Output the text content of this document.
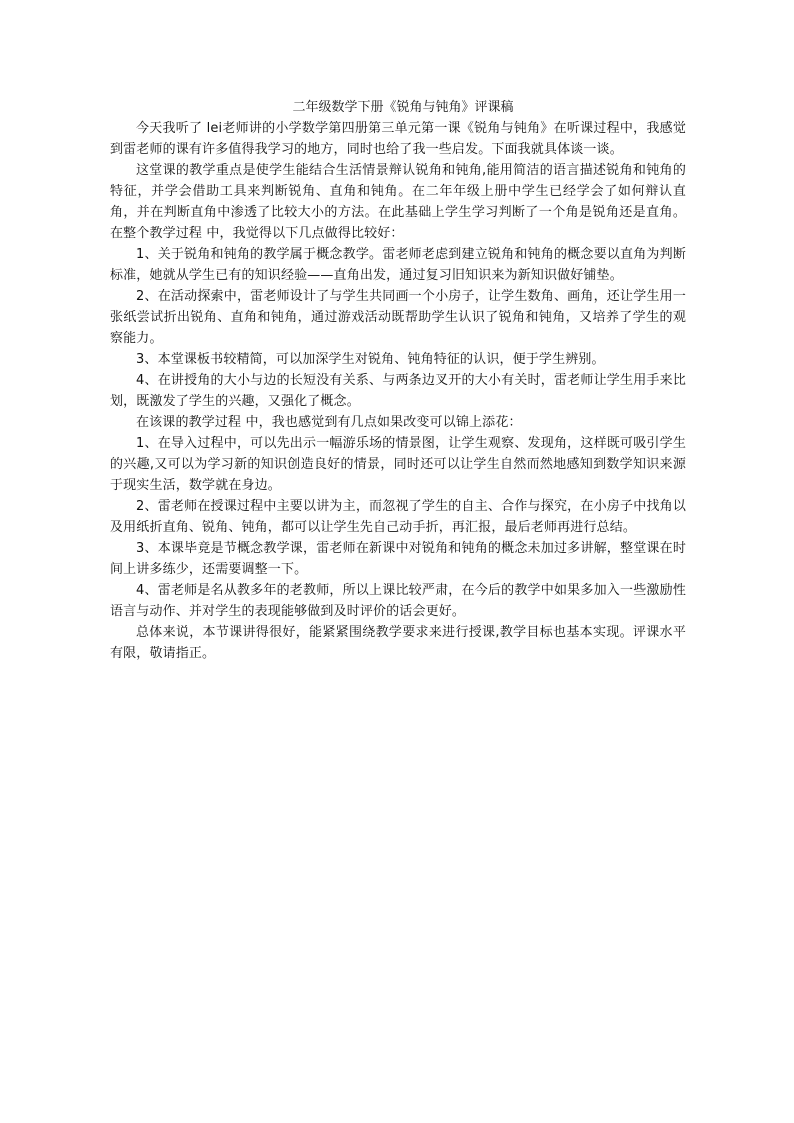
二年级数学下册《锐角与钝角》评课稿

今天我听了 lei老师讲的小学数学第四册第三单元第一课《锐角与钝角》在听课过程中，我感觉到雷老师的课有许多值得我学习的地方，同时也给了我一些启发。下面我就具体谈一谈。

这堂课的教学重点是使学生能结合生活情景辩认锐角和钝角,能用简洁的语言描述锐角和钝角的特征，并学会借助工具来判断锐角、直角和钝角。在二年年级上册中学生已经学会了如何辩认直角，并在判断直角中渗透了比较大小的方法。在此基础上学生学习判断了一个角是锐角还是直角。在整个教学过程 中，我觉得以下几点做得比较好：

1、关于锐角和钝角的教学属于概念教学。雷老师老虑到建立锐角和钝角的概念要以直角为判断标准，她就从学生已有的知识经验——直角出发，通过复习旧知识来为新知识做好铺垫。

2、在活动探索中，雷老师设计了与学生共同画一个小房子，让学生数角、画角，还让学生用一张纸尝试折出锐角、直角和钝角，通过游戏活动既帮助学生认识了锐角和钝角，又培养了学生的观察能力。

3、本堂课板书较精简，可以加深学生对锐角、钝角特征的认识，便于学生辨别。

4、在讲授角的大小与边的长短没有关系、与两条边叉开的大小有关时，雷老师让学生用手来比划，既激发了学生的兴趣，又强化了概念。

在该课的教学过程 中，我也感觉到有几点如果改变可以锦上添花：

1、在导入过程中，可以先出示一幅游乐场的情景图，让学生观察、发现角，这样既可吸引学生的兴趣,又可以为学习新的知识创造良好的情景，同时还可以让学生自然而然地感知到数学知识来源于现实生活，数学就在身边。

2、雷老师在授课过程中主要以讲为主，而忽视了学生的自主、合作与探究，在小房子中找角以及用纸折直角、锐角、钝角，都可以让学生先自己动手折，再汇报，最后老师再进行总结。

3、本课毕竟是节概念教学课，雷老师在新课中对锐角和钝角的概念未加过多讲解，整堂课在时间上讲多练少，还需要调整一下。

4、雷老师是名从教多年的老教师，所以上课比较严肃，在今后的教学中如果多加入一些激励性语言与动作、并对学生的表现能够做到及时评价的话会更好。

总体来说，本节课讲得很好，能紧紧围绕教学要求来进行授课,教学目标也基本实现。评课水平有限，敬请指正。
